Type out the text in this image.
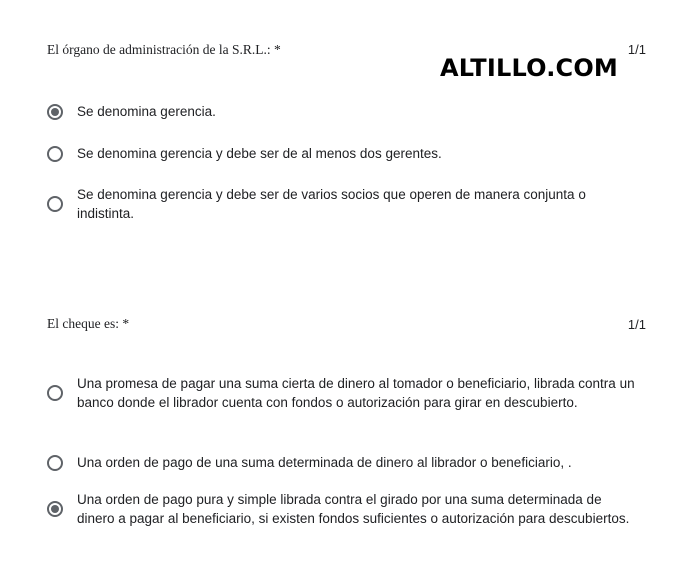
El órgano de administración de la S.R.L.: *	1/1
ALTILLO.COM
Se denomina gerencia.
Se denomina gerencia y debe ser de al menos dos gerentes.
Se denomina gerencia y debe ser de varios socios que operen de manera conjunta o indistinta.
El cheque es: *	1/1
Una promesa de pagar una suma cierta de dinero al tomador o beneficiario, librada contra un banco donde el librador cuenta con fondos o autorización para girar en descubierto.
Una orden de pago de una suma determinada de dinero al librador o beneficiario, .
Una orden de pago pura y simple librada contra el girado por una suma determinada de dinero a pagar al beneficiario, si existen fondos suficientes o autorización para descubiertos.
